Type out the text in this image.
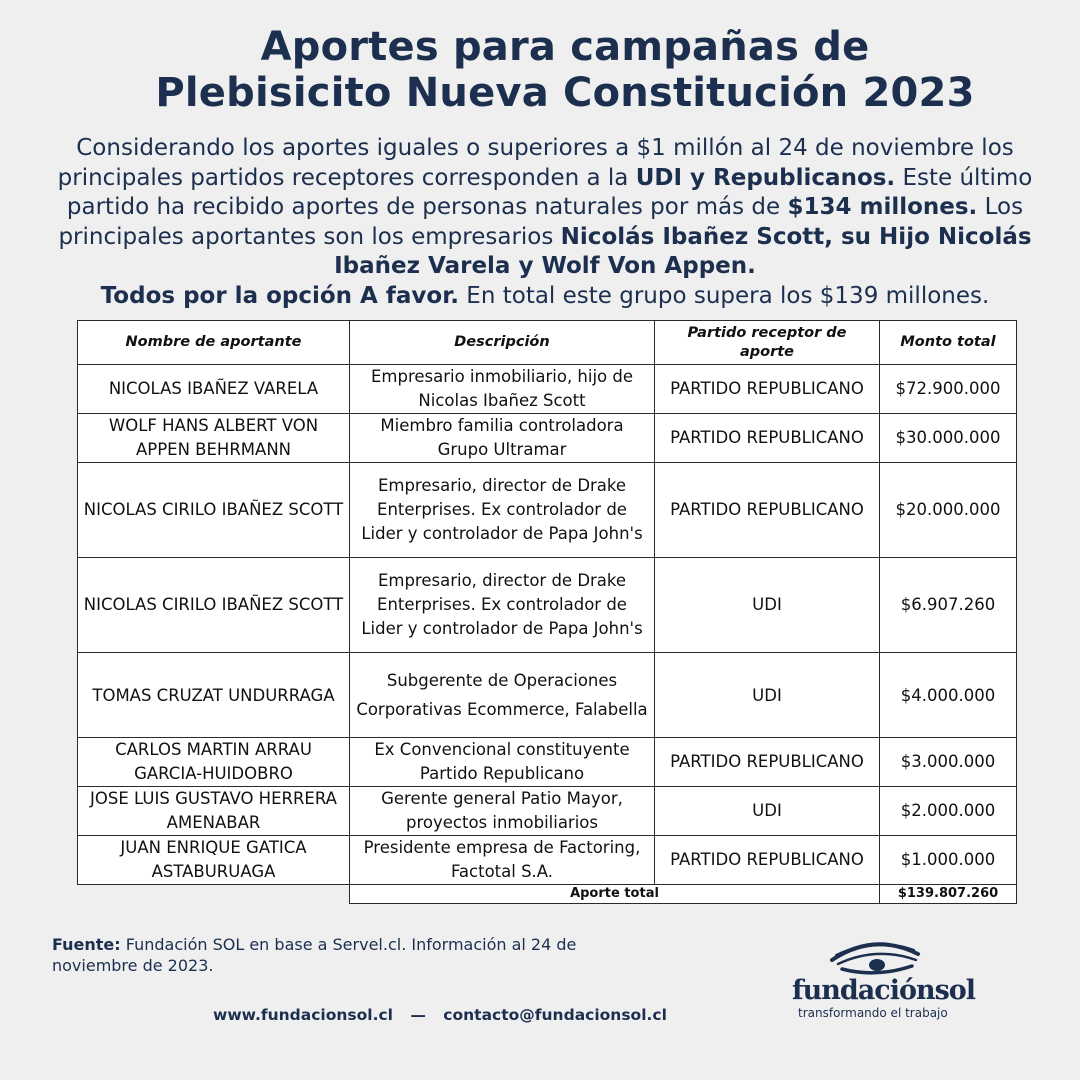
Aportes para campañas de
Plebisicito Nueva Constitución 2023
Considerando los aportes iguales o superiores a $1 millón al 24 de noviembre los principales partidos receptores corresponden a la UDI y Republicanos. Este último partido ha recibido aportes de personas naturales por más de $134 millones. Los principales aportantes son los empresarios Nicolás Ibañez Scott, su Hijo Nicolás Ibañez Varela y Wolf Von Appen.
Todos por la opción A favor. En total este grupo supera los $139 millones.
Nombre de aportante	Descripción	Partido receptor de aporte	Monto total
NICOLAS IBAÑEZ VARELA	Empresario inmobiliario, hijo de Nicolas Ibañez Scott	PARTIDO REPUBLICANO	$72.900.000
WOLF HANS ALBERT VON APPEN BEHRMANN	Miembro familia controladora Grupo Ultramar	PARTIDO REPUBLICANO	$30.000.000
NICOLAS CIRILO IBAÑEZ SCOTT	Empresario, director de Drake Enterprises. Ex controlador de Lider y controlador de Papa John's	PARTIDO REPUBLICANO	$20.000.000
NICOLAS CIRILO IBAÑEZ SCOTT	Empresario, director de Drake Enterprises. Ex controlador de Lider y controlador de Papa John's	UDI	$6.907.260
TOMAS CRUZAT UNDURRAGA	Subgerente de Operaciones Corporativas Ecommerce, Falabella	UDI	$4.000.000
CARLOS MARTIN ARRAU GARCIA-HUIDOBRO	Ex Convencional constituyente Partido Republicano	PARTIDO REPUBLICANO	$3.000.000
JOSE LUIS GUSTAVO HERRERA AMENABAR	Gerente general Patio Mayor, proyectos inmobiliarios	UDI	$2.000.000
JUAN ENRIQUE GATICA ASTABURUAGA	Presidente empresa de Factoring, Factotal S.A.	PARTIDO REPUBLICANO	$1.000.000
	Aporte total		$139.807.260
Fuente: Fundación SOL en base a Servel.cl. Información al 24 de noviembre de 2023.
www.fundacionsol.cl — contacto@fundacionsol.cl
fundaciónsol
transformando el trabajo
